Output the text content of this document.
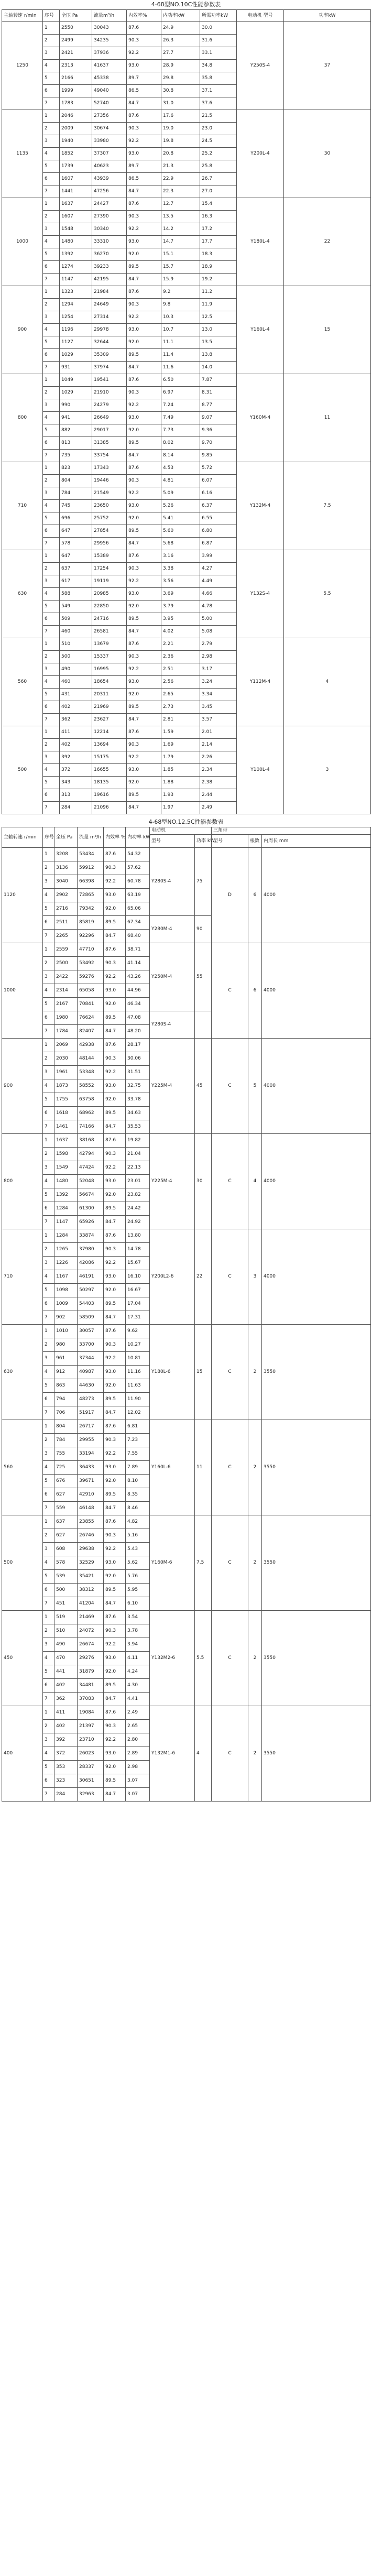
4-68型NO.10C性能参数表
主轴转速 r/min	序号	全压 Pa	流量m³/h	内效率%	内功率kW	所需功率kW	电动机 型号	功率kW
1250	1	2550	30043	87.6	24.9	30.0	Y250S-4	37
	2	2499	34235	90.3	26.3	31.6		
	3	2421	37936	92.2	27.7	33.1		
	4	2313	41637	93.0	28.9	34.8		
	5	2166	45338	89.7	29.8	35.8		
	6	1999	49040	86.5	30.8	37.1		
	7	1783	52740	84.7	31.0	37.6		
1135	1	2046	27356	87.6	17.6	21.5	Y200L-4	30
	2	2009	30674	90.3	19.0	23.0		
	3	1940	33980	92.2	19.8	24.5		
	4	1852	37307	93.0	20.8	25.2		
	5	1739	40623	89.7	21.3	25.8		
	6	1607	43939	86.5	22.9	26.7		
	7	1441	47256	84.7	22.3	27.0		
1000	1	1637	24427	87.6	12.7	15.4	Y180L-4	22
	2	1607	27390	90.3	13.5	16.3		
	3	1548	30340	92.2	14.2	17.2		
	4	1480	33310	93.0	14.7	17.7		
	5	1392	36270	92.0	15.1	18.3		
	6	1274	39233	89.5	15.7	18.9		
	7	1147	42195	84.7	15.9	19.2		
900	1	1323	21984	87.6	9.2	11.2	Y160L-4	15
	2	1294	24649	90.3	9.8	11.9		
	3	1254	27314	92.2	10.3	12.5		
	4	1196	29978	93.0	10.7	13.0		
	5	1127	32644	92.0	11.1	13.5		
	6	1029	35309	89.5	11.4	13.8		
	7	931	37974	84.7	11.6	14.0		
800	1	1049	19541	87.6	6.50	7.87	Y160M-4	11
	2	1029	21910	90.3	6.97	8.31		
	3	990	24279	92.2	7.24	8.77		
	4	941	26649	93.0	7.49	9.07		
	5	882	29017	92.0	7.73	9.36		
	6	813	31385	89.5	8.02	9.70		
	7	735	33754	84.7	8.14	9.85		
710	1	823	17343	87.6	4.53	5.72	Y132M-4	7.5
	2	804	19446	90.3	4.81	6.07		
	3	784	21549	92.2	5.09	6.16		
	4	745	23650	93.0	5.26	6.37		
	5	696	25752	92.0	5.41	6.55		
	6	647	27854	89.5	5.60	6.80		
	7	578	29956	84.7	5.68	6.87		
630	1	647	15389	87.6	3.16	3.99	Y132S-4	5.5
	2	637	17254	90.3	3.38	4.27		
	3	617	19119	92.2	3.56	4.49		
	4	588	20985	93.0	3.69	4.66		
	5	549	22850	92.0	3.79	4.78		
	6	509	24716	89.5	3.95	5.00		
	7	460	26581	84.7	4.02	5.08		
560	1	510	13679	87.6	2.21	2.79	Y112M-4	4
	2	500	15337	90.3	2.36	2.98		
	3	490	16995	92.2	2.51	3.17		
	4	460	18654	93.0	2.56	3.24		
	5	431	20311	92.0	2.65	3.34		
	6	402	21969	89.5	2.73	3.45		
	7	362	23627	84.7	2.81	3.57		
500	1	411	12214	87.6	1.59	2.01	Y100L-4	3
	2	402	13694	90.3	1.69	2.14		
	3	392	15175	92.2	1.79	2.26		
	4	372	16655	93.0	1.85	2.34		
	5	343	18135	92.0	1.88	2.38		
	6	313	19616	89.5	1.93	2.44		
	7	284	21096	84.7	1.97	2.49		
4-68型NO.12.5C性能参数表
主轴转速 r/min	序号	全压 Pa	流量 m³/h	内效率 %	内功率 kW	电动机		三角带		
						型号	功率 kW	型号	根数	内周长 mm
1120	1	3208	53434	87.6	54.32	Y280S-4	75	D	6	4000
	2	3136	59912	90.3	57.62					
	3	3040	66398	92.2	60.78					
	4	2902	72865	93.0	63.19					
	5	2716	79342	92.0	65.06					
	6	2511	85819	89.5	67.34	Y280M-4	90			
	7	2265	92296	84.7	68.40					
1000	1	2559	47710	87.6	38.71	Y250M-4	55	C	6	4000
	2	2500	53492	90.3	41.14					
	3	2422	59276	92.2	43.26					
	4	2314	65058	93.0	44.96					
	5	2167	70841	92.0	46.34					
	6	1980	76624	89.5	47.08	Y280S-4				
	7	1784	82407	84.7	48.20					
900	1	2069	42938	87.6	28.17	Y225M-4	45	C	5	4000
	2	2030	48144	90.3	30.06					
	3	1961	53348	92.2	31.51					
	4	1873	58552	93.0	32.75					
	5	1755	63758	92.0	33.78					
	6	1618	68962	89.5	34.63					
	7	1461	74166	84.7	35.53					
800	1	1637	38168	87.6	19.82	Y225M-4	30	C	4	4000
	2	1598	42794	90.3	21.04					
	3	1549	47424	92.2	22.13					
	4	1480	52048	93.0	23.01					
	5	1392	56674	92.0	23.82					
	6	1284	61300	89.5	24.42					
	7	1147	65926	84.7	24.92					
710	1	1284	33874	87.6	13.80	Y200L2-6	22	C	3	4000
	2	1265	37980	90.3	14.78					
	3	1226	42086	92.2	15.67					
	4	1167	46191	93.0	16.10					
	5	1098	50297	92.0	16.67					
	6	1009	54403	89.5	17.04					
	7	902	58509	84.7	17.31					
630	1	1010	30057	87.6	9.62	Y180L-6	15	C	2	3550
	2	980	33700	90.3	10.27					
	3	961	37344	92.2	10.81					
	4	912	40987	93.0	11.16					
	5	863	44630	92.0	11.63					
	6	794	48273	89.5	11.90					
	7	706	51917	84.7	12.02					
560	1	804	26717	87.6	6.81	Y160L-6	11	C	2	3550
	2	784	29955	90.3	7.23					
	3	755	33194	92.2	7.55					
	4	725	36433	93.0	7.89					
	5	676	39671	92.0	8.10					
	6	627	42910	89.5	8.35					
	7	559	46148	84.7	8.46					
500	1	637	23855	87.6	4.82	Y160M-6	7.5	C	2	3550
	2	627	26746	90.3	5.16					
	3	608	29638	92.2	5.43					
	4	578	32529	93.0	5.62					
	5	539	35421	92.0	5.76					
	6	500	38312	89.5	5.95					
	7	451	41204	84.7	6.10					
450	1	519	21469	87.6	3.54	Y132M2-6	5.5	C	2	3550
	2	510	24072	90.3	3.78					
	3	490	26674	92.2	3.94					
	4	470	29276	93.0	4.11					
	5	441	31879	92.0	4.24					
	6	402	34481	89.5	4.30					
	7	362	37083	84.7	4.41					
400	1	411	19084	87.6	2.49	Y132M1-6	4	C	2	3550
	2	402	21397	90.3	2.65					
	3	392	23710	92.2	2.80					
	4	372	26023	93.0	2.89					
	5	353	28337	92.0	2.98					
	6	323	30651	89.5	3.07					
	7	284	32963	84.7	3.07					
